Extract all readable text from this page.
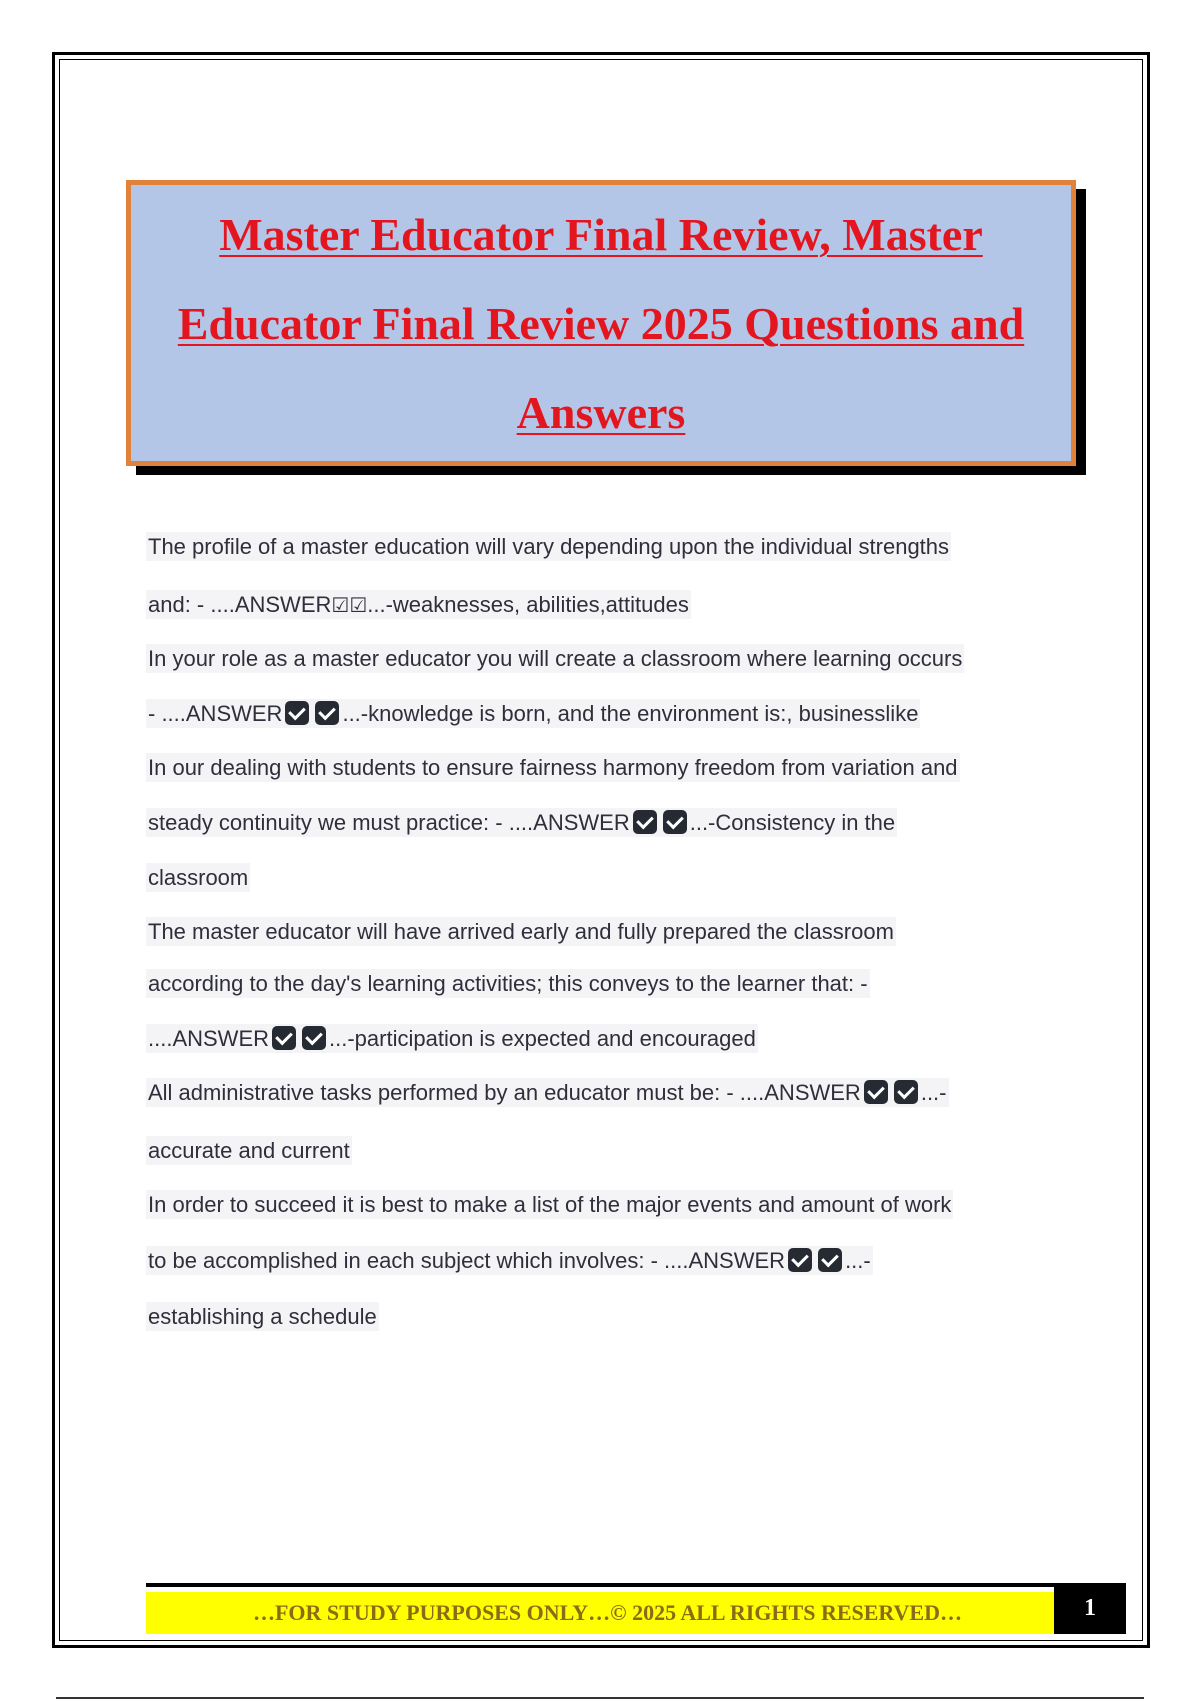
Master Educator Final Review, Master Educator Final Review 2025 Questions and Answers
The profile of a master education will vary depending upon the individual strengths
and: - ....ANSWER☑☑...-weaknesses, abilities,attitudes
In your role as a master educator you will create a classroom where learning occurs
- ....ANSWER	...-knowledge is born, and the environment is:, businesslike
In our dealing with students to ensure fairness harmony freedom from variation and
steady continuity we must practice: - ....ANSWER	...-Consistency in the
classroom
The master educator will have arrived early and fully prepared the classroom
according to the day's learning activities; this conveys to the learner that: -
....ANSWER	...-participation is expected and encouraged
All administrative tasks performed by an educator must be: - ....ANSWER	...-
accurate and current
In order to succeed it is best to make a list of the major events and amount of work
to be accomplished in each subject which involves: - ....ANSWER	...-
establishing a schedule
…FOR STUDY PURPOSES ONLY…© 2025 ALL RIGHTS RESERVED…	1
